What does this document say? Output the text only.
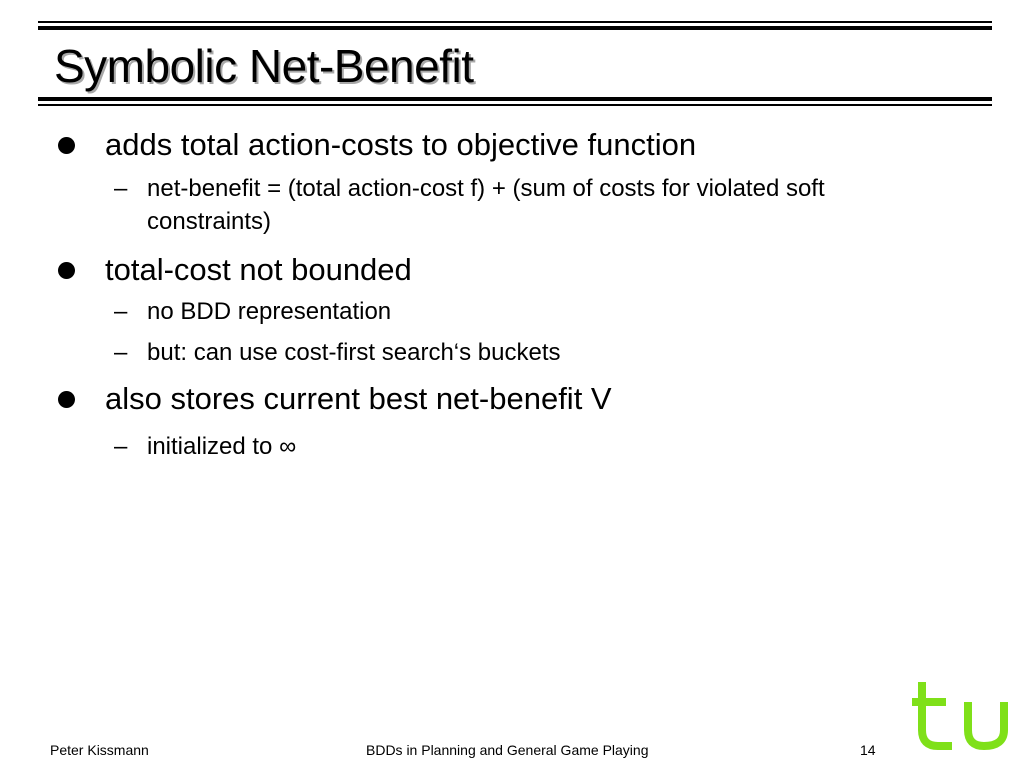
Symbolic Net-Benefit
adds total action-costs to objective function
– net-benefit = (total action-cost f) + (sum of costs for violated soft constraints)
total-cost not bounded
– no BDD representation
– but: can use cost-first search‘s buckets
also stores current best net-benefit V
– initialized to ∞
Peter Kissmann	BDDs in Planning and General Game Playing	14
